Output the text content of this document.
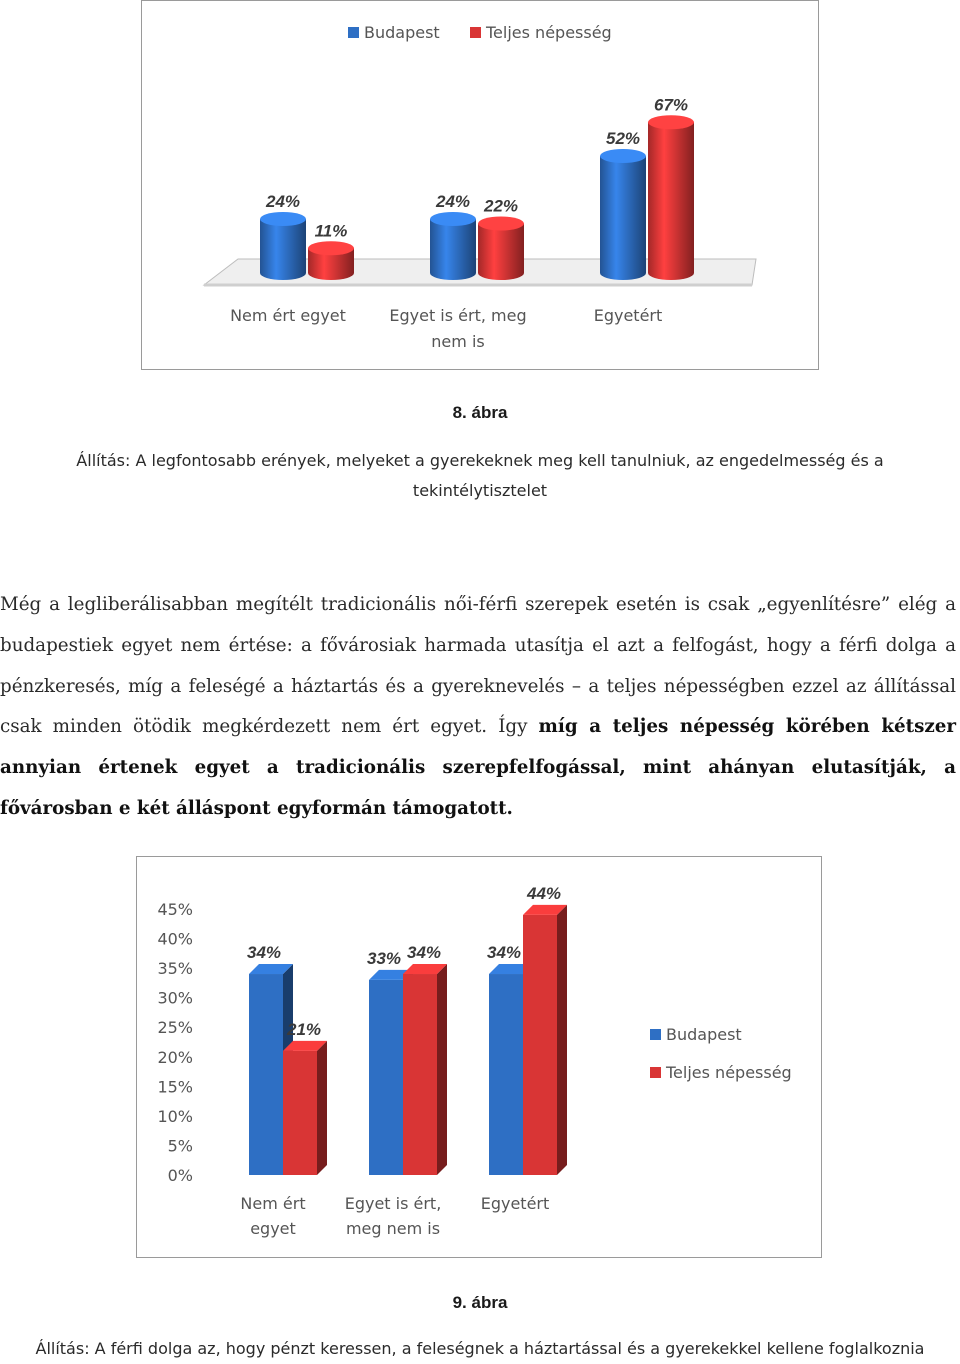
Budapest	Teljes népesség
24%	24%
52%
11%
22%
67%
Nem ért egyet	Egyet is ért, meg
nem is
Egyetért
8. ábra
Állítás: A legfontosabb erények, melyeket a gyerekeknek meg kell tanulniuk, az engedelmesség és a
tekintélytisztelet
Még a legliberálisabban megítélt tradicionális női-férfi szerepek esetén is csak „egyenlítésre” elég a budapestiek egyet nem értése: a fővárosiak harmada utasítja el azt a felfogást, hogy a férfi dolga a pénzkeresés, míg a feleségé a háztartás és a gyereknevelés – a teljes népességben ezzel az állítással csak minden ötödik megkérdezett nem ért egyet. Így míg a teljes népesség körében kétszer annyian értenek egyet a tradicionális szerepfelfogással, mint ahányan elutasítják, a fővárosban e két álláspont egyformán támogatott.
0%
5%
10%
15%
20%
25%
30%
35%
40%
45%
34%	33%	34%
21%
34%
44%
Nem ért
egyet
Egyet is ért,
meg nem is
Egyetért
Budapest
Teljes népesség
9. ábra
Állítás: A férfi dolga az, hogy pénzt keressen, a feleségnek a háztartással és a gyerekekkel kellene foglalkoznia
